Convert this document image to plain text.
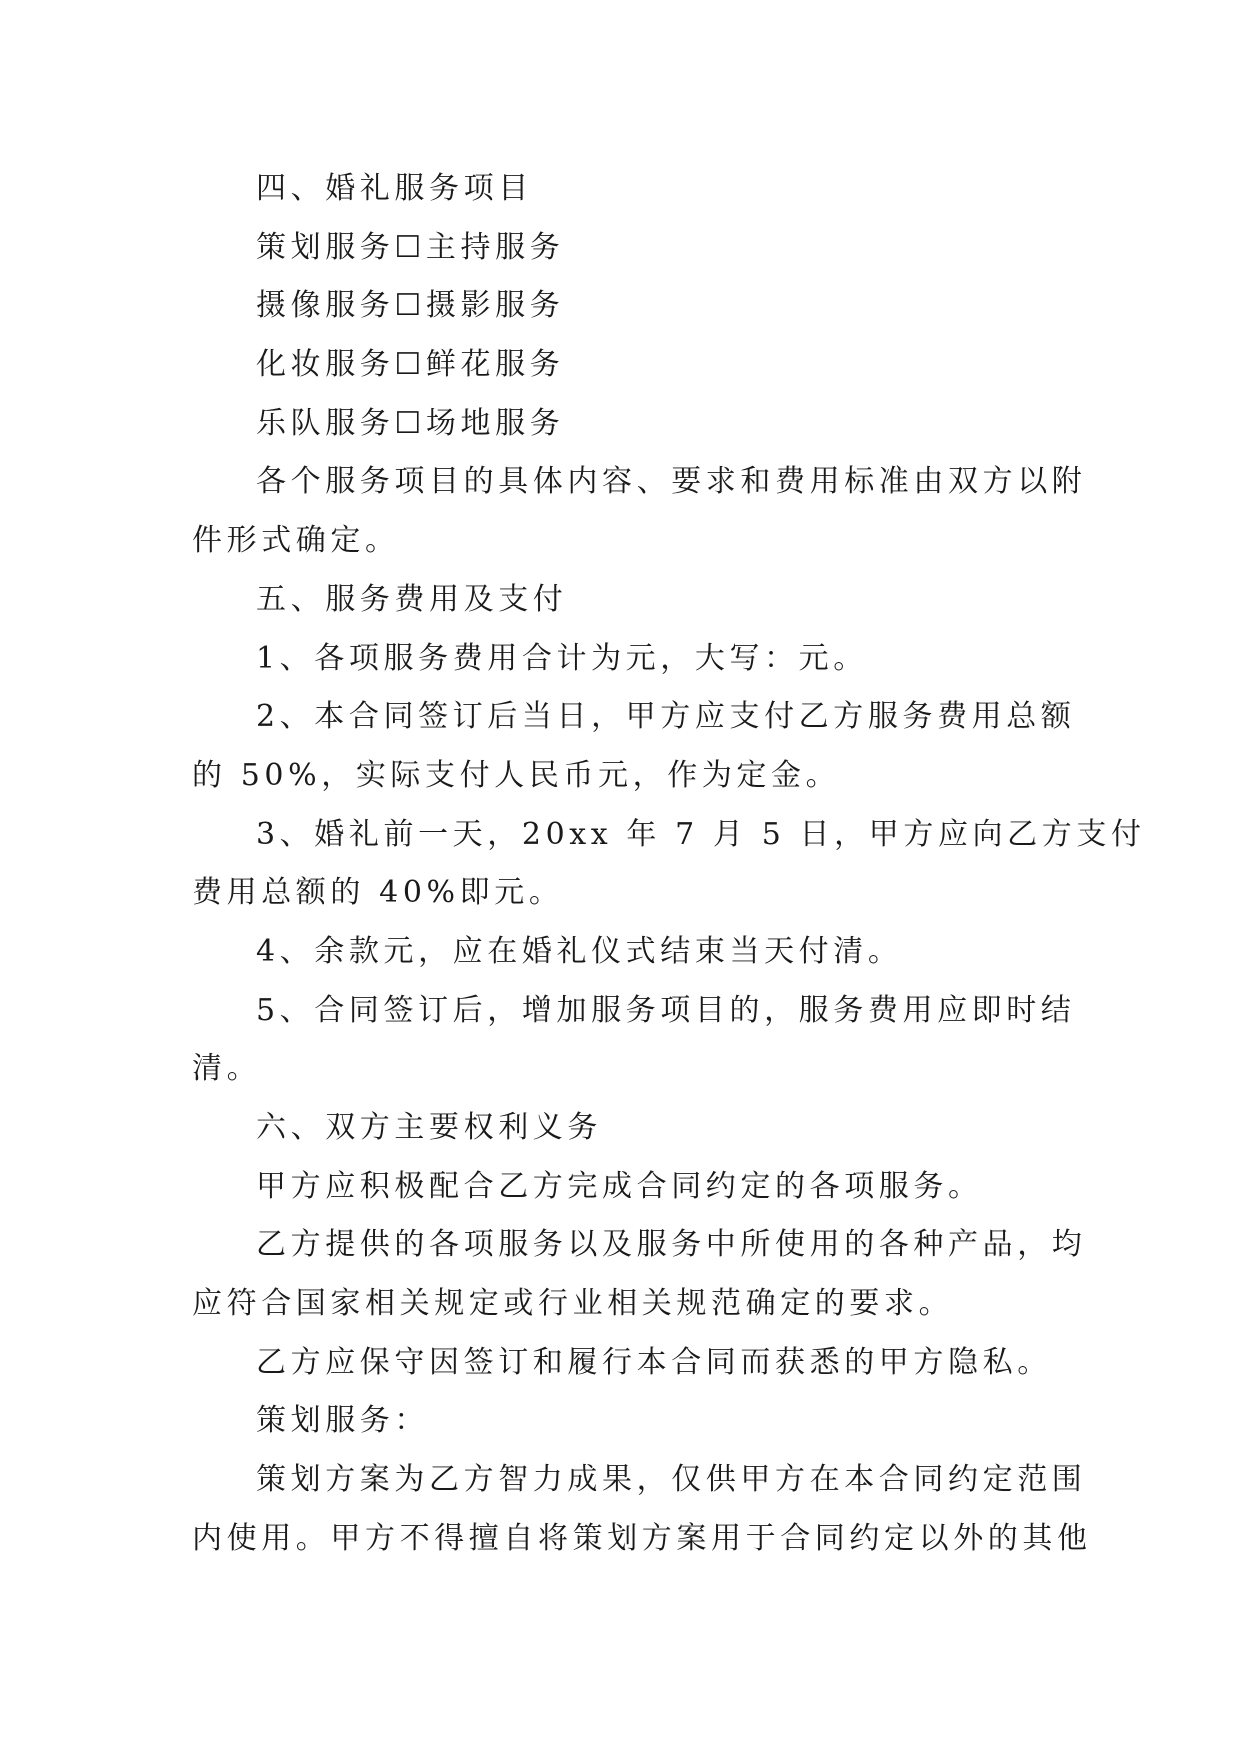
四、婚礼服务项目
策划服务☐主持服务
摄像服务☐摄影服务
化妆服务☐鲜花服务
乐队服务☐场地服务
各个服务项目的具体内容、要求和费用标准由双方以附
件形式确定。
五、服务费用及支付
1、各项服务费用合计为元，大写：元。
2、本合同签订后当日，甲方应支付乙方服务费用总额
的 50%，实际支付人民币元，作为定金。
3、婚礼前一天，20xx 年 7 月 5 日，甲方应向乙方支付
费用总额的 40%即元。
4、余款元，应在婚礼仪式结束当天付清。
5、合同签订后，增加服务项目的，服务费用应即时结
清。
六、双方主要权利义务
甲方应积极配合乙方完成合同约定的各项服务。
乙方提供的各项服务以及服务中所使用的各种产品，均
应符合国家相关规定或行业相关规范确定的要求。
乙方应保守因签订和履行本合同而获悉的甲方隐私。
策划服务：
策划方案为乙方智力成果，仅供甲方在本合同约定范围
内使用。甲方不得擅自将策划方案用于合同约定以外的其他
